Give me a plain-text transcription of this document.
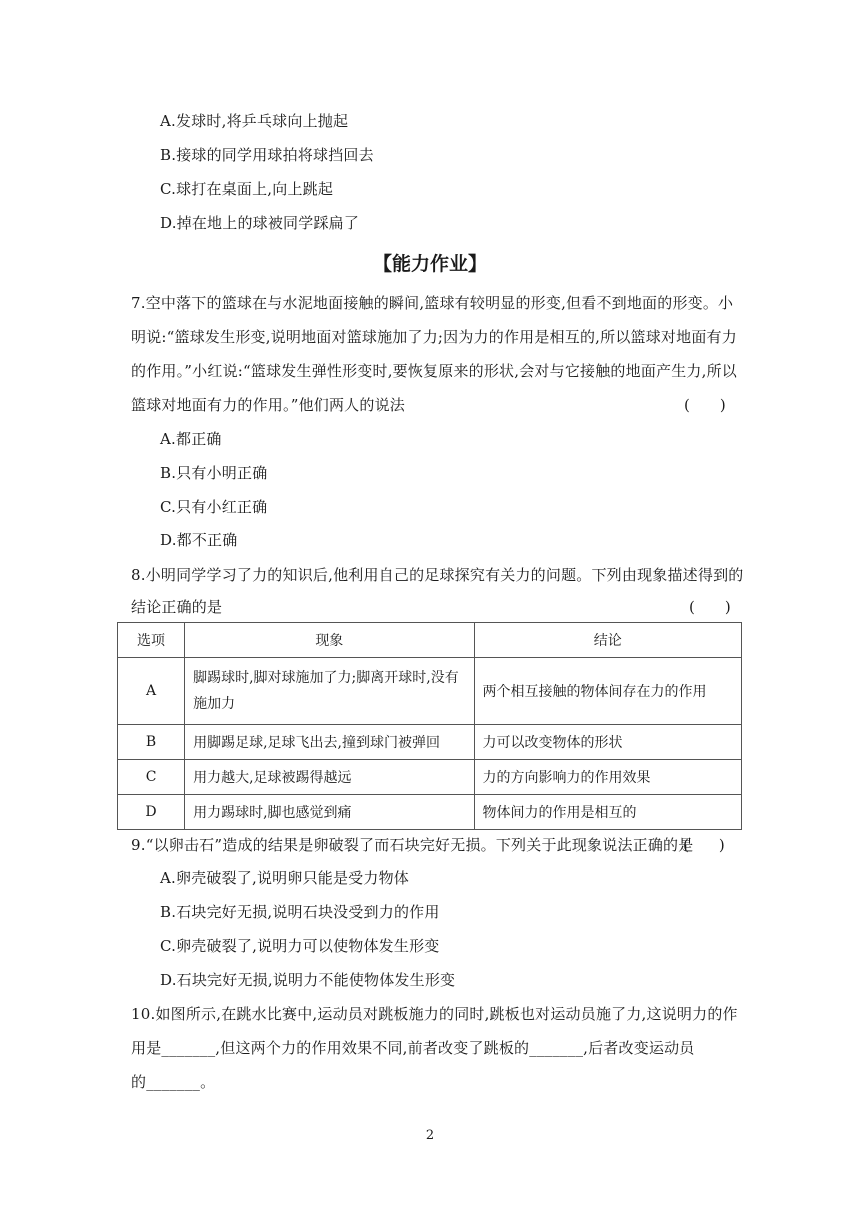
A.发球时,将乒乓球向上抛起
B.接球的同学用球拍将球挡回去
C.球打在桌面上,向上跳起
D.掉在地上的球被同学踩扁了
【能力作业】
7.空中落下的篮球在与水泥地面接触的瞬间,篮球有较明显的形变,但看不到地面的形变。小
明说:“篮球发生形变,说明地面对篮球施加了力;因为力的作用是相互的,所以篮球对地面有力
的作用。”小红说:“篮球发生弹性形变时,要恢复原来的形状,会对与它接触的地面产生力,所以
篮球对地面有力的作用。”他们两人的说法	(　　)
A.都正确
B.只有小明正确
C.只有小红正确
D.都不正确
8.小明同学学习了力的知识后,他利用自己的足球探究有关力的问题。下列由现象描述得到的
结论正确的是	(　　)
选项	现象	结论
A	脚踢球时,脚对球施加了力;脚离开球时,没有施加力	两个相互接触的物体间存在力的作用
B	用脚踢足球,足球飞出去,撞到球门被弹回	力可以改变物体的形状
C	用力越大,足球被踢得越远	力的方向影响力的作用效果
D	用力踢球时,脚也感觉到痛	物体间力的作用是相互的
9.“以卵击石”造成的结果是卵破裂了而石块完好无损。下列关于此现象说法正确的是
(　　)
A.卵壳破裂了,说明卵只能是受力物体
B.石块完好无损,说明石块没受到力的作用
C.卵壳破裂了,说明力可以使物体发生形变
D.石块完好无损,说明力不能使物体发生形变
10.如图所示,在跳水比赛中,运动员对跳板施力的同时,跳板也对运动员施了力,这说明力的作
用是_______,但这两个力的作用效果不同,前者改变了跳板的_______,后者改变运动员
的_______。
2
